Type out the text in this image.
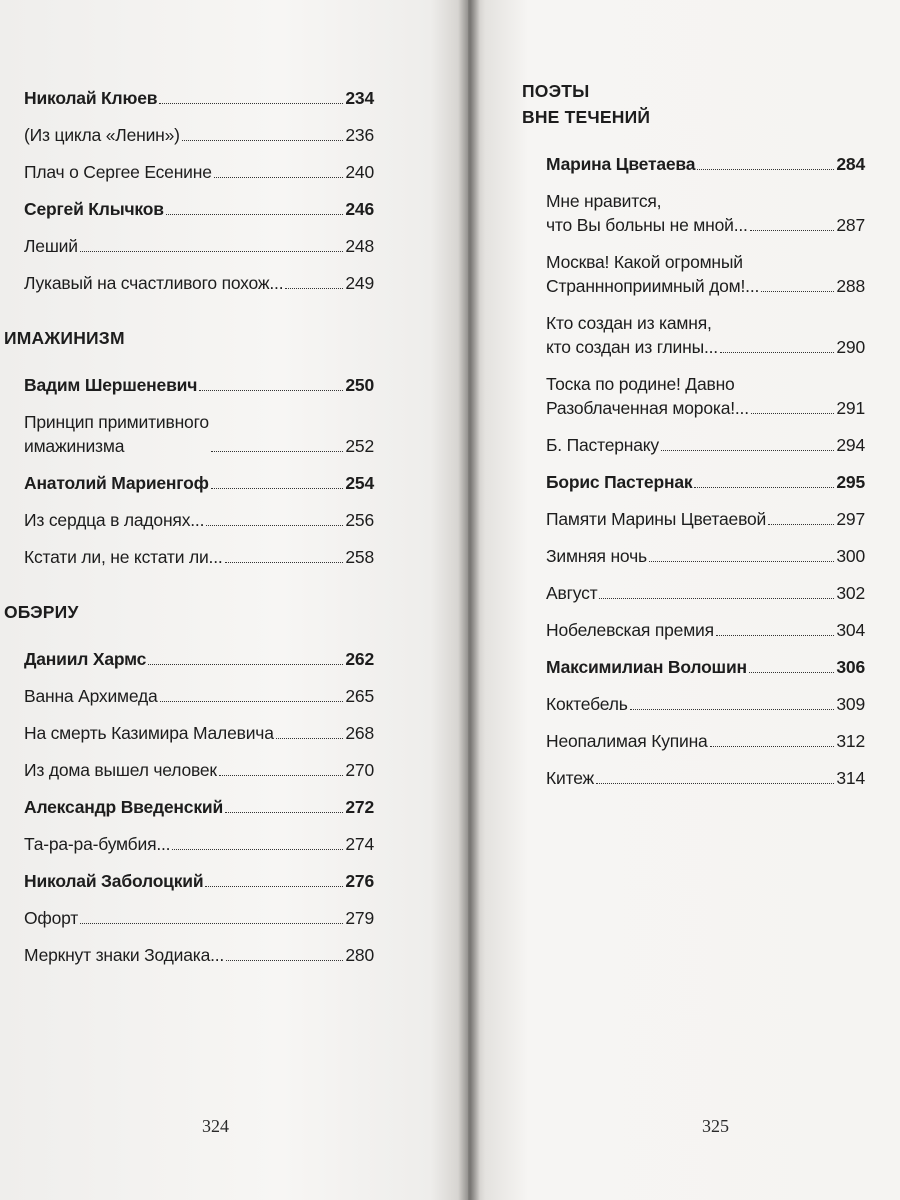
Николай Клюев	234
(Из цикла «Ленин»)	236
Плач о Сергее Есенине	240
Сергей Клычков	246
Леший	248
Лукавый на счастливого похож...	249
ИМАЖИНИЗМ
Вадим Шершеневич	250
Принцип примитивного
имажинизма	252
Анатолий Мариенгоф	254
Из сердца в ладонях...	256
Кстати ли, не кстати ли...	258
ОБЭРИУ
Даниил Хармс	262
Ванна Архимеда	265
На смерть Казимира Малевича	268
Из дома вышел человек	270
Александр Введенский	272
Та-ра-ра-бумбия...	274
Николай Заболоцкий	276
Офорт	279
Меркнут знаки Зодиака...	280
ПОЭТЫ
ВНЕ ТЕЧЕНИЙ
Марина Цветаева	284
Мне нравится,
что Вы больны не мной...	287
Москва! Какой огромный
Страннноприимный дом!...	288
Кто создан из камня,
кто создан из глины...	290
Тоска по родине! Давно
Разоблаченная морока!...	291
Б. Пастернаку	294
Борис Пастернак	295
Памяти Марины Цветаевой	297
Зимняя ночь	300
Август	302
Нобелевская премия	304
Максимилиан Волошин	306
Коктебель	309
Неопалимая Купина	312
Китеж	314
324	325
